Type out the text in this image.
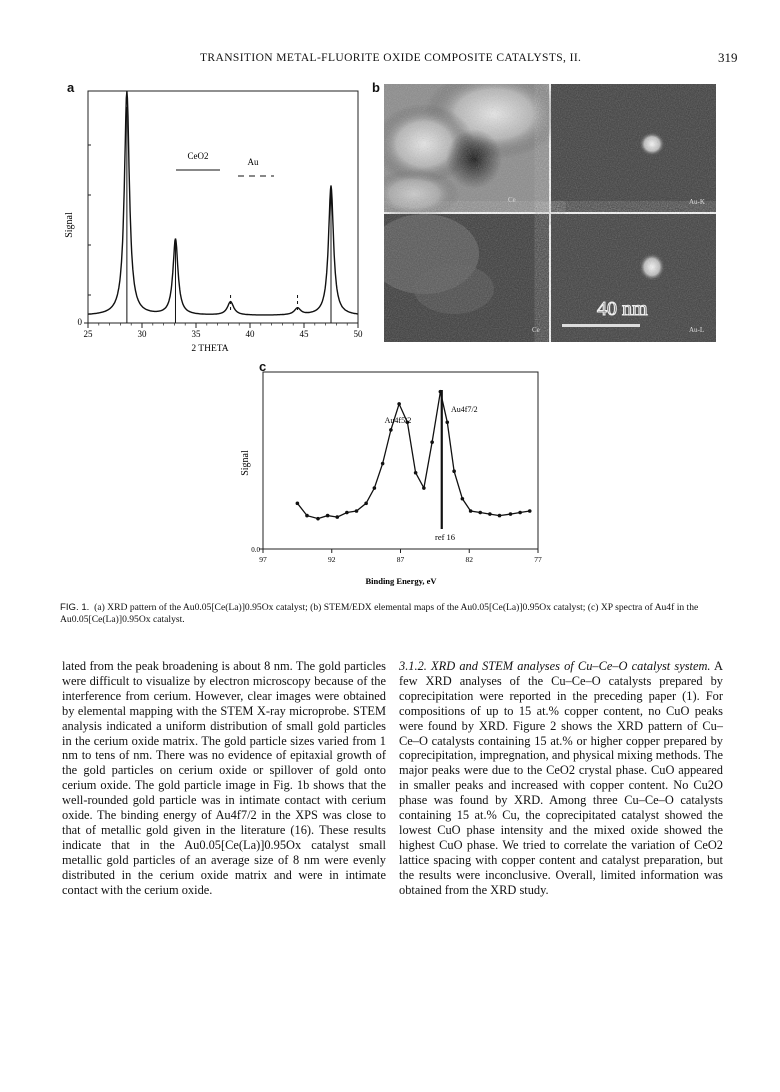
TRANSITION METAL-FLUORITE OXIDE COMPOSITE CATALYSTS, II.	319
a
25	30	35	40	45	50
Signal
0
2 THETA
CeO2
Au
b
40 nm
Ce	Au-K
Ce	Au-L
c
97	92	87	82	77
Signal
0.0
Binding Energy, eV
Au4f5/2
Au4f7/2
ref 16
FIG. 1. (a) XRD pattern of the Au0.05[Ce(La)]0.95Ox catalyst; (b) STEM/EDX elemental maps of the Au0.05[Ce(La)]0.95Ox catalyst; (c) XP spectra of Au4f in the Au0.05[Ce(La)]0.95Ox catalyst.
lated from the peak broadening is about 8 nm. The gold particles were difficult to visualize by electron microscopy because of the interference from cerium. However, clear images were obtained by elemental mapping with the STEM X-ray microprobe. STEM analysis indicated a uniform distribution of small gold particles in the cerium oxide matrix. The gold particle sizes varied from 1 nm to tens of nm. There was no evidence of epitaxial growth of the gold particles on cerium oxide or spillover of gold onto cerium oxide. The gold particle image in Fig. 1b shows that the well-rounded gold particle was in intimate contact with cerium oxide. The binding energy of Au4f7/2 in the XPS was close to that of metallic gold given in the literature (16). These results indicate that in the Au0.05[Ce(La)]0.95Ox catalyst small metallic gold particles of an average size of 8 nm were evenly distributed in the cerium oxide matrix and were in intimate contact with the cerium oxide.
3.1.2. XRD and STEM analyses of Cu–Ce–O catalyst system. A few XRD analyses of the Cu–Ce–O catalysts prepared by coprecipitation were reported in the preceding paper (1). For compositions of up to 15 at.% copper content, no CuO peaks were found by XRD. Figure 2 shows the XRD pattern of Cu–Ce–O catalysts containing 15 at.% or higher copper prepared by coprecipitation, impregnation, and physical mixing methods. The major peaks were due to the CeO2 crystal phase. CuO appeared in smaller peaks and increased with copper content. No Cu2O phase was found by XRD. Among three Cu–Ce–O catalysts containing 15 at.% Cu, the coprecipitated catalyst showed the lowest CuO phase intensity and the mixed oxide showed the highest CuO phase. We tried to correlate the variation of CeO2 lattice spacing with copper content and catalyst preparation, but the results were inconclusive. Overall, limited information was obtained from the XRD study.
